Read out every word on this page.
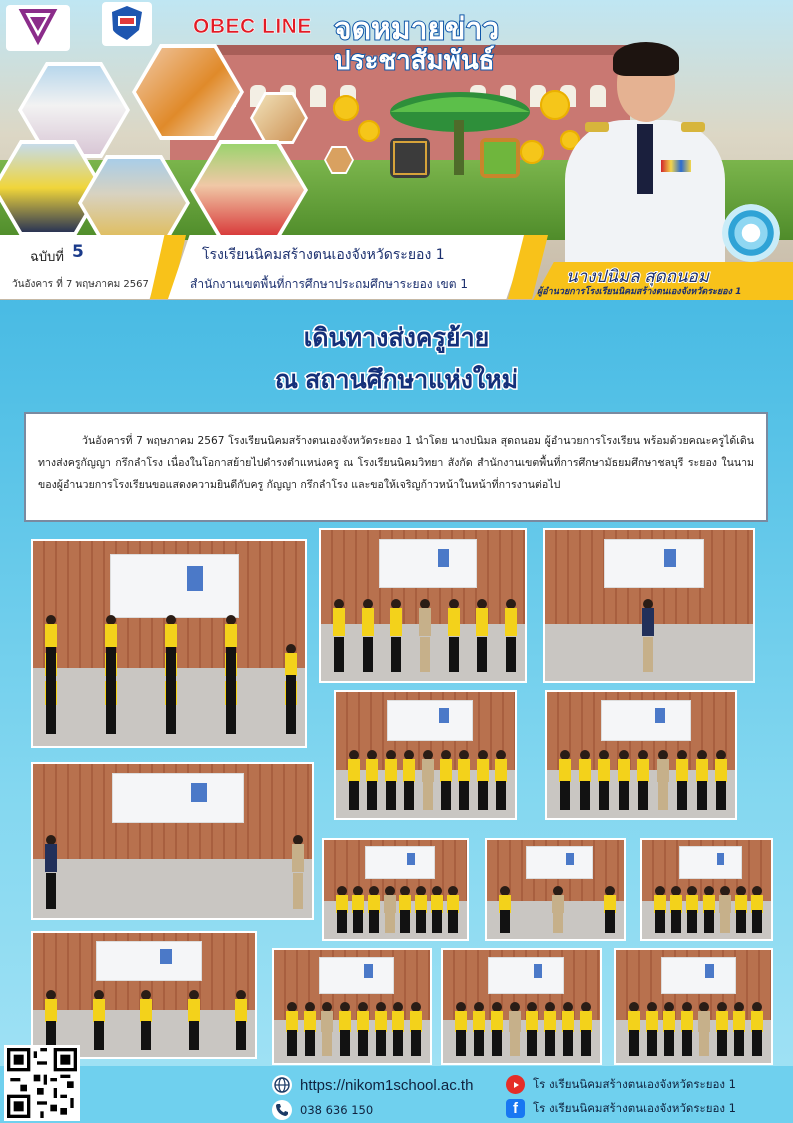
OBEC LINE จดหมายข่าว
ประชาสัมพันธ์
ฉบับที่ 5
วันอังคาร ที่ 7 พฤษภาคม 2567
โรงเรียนนิคมสร้างตนเองจังหวัดระยอง 1
สำนักงานเขตพื้นที่การศึกษาประถมศึกษาระยอง เขต 1	นางปนิมล สุดถนอม
ผู้อำนวยการโรงเรียนนิคมสร้างตนเองจังหวัดระยอง 1
เดินทางส่งครูย้าย
ณ สถานศึกษาแห่งใหม่

วันอังคารที่ 7 พฤษภาคม 2567 โรงเรียนนิคมสร้างตนเองจังหวัดระยอง 1 นำโดย นางปนิมล สุดถนอม ผู้อำนวยการโรงเรียน พร้อมด้วยคณะครูได้เดินทางส่งครูกัญญา กรึกลำโรง เนื่องในโอกาสย้ายไปดำรงตำแหน่งครู ณ โรงเรียนนิคมวิทยา สังกัด สำนักงานเขตพื้นที่การศึกษามัธยมศึกษาชลบุรี ระยอง ในนามของผู้อำนวยการโรงเรียนขอแสดงความยินดีกับครู กัญญา กรึกลำโรง และขอให้เจริญก้าวหน้าในหน้าที่การงานต่อไป

https://nikom1school.ac.th
038 636 150
โร งเรียนนิคมสร้างตนเองจังหวัดระยอง 1
f โร งเรียนนิคมสร้างตนเองจังหวัดระยอง 1
